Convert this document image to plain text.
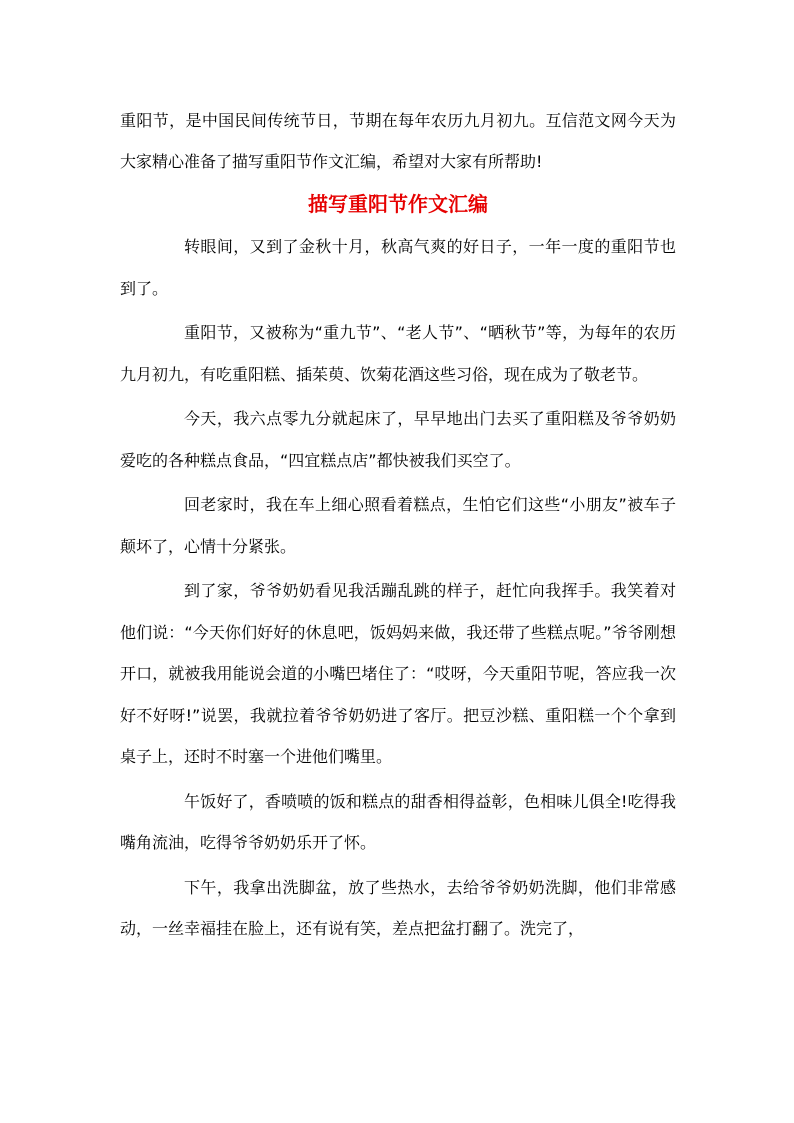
重阳节，是中国民间传统节日，节期在每年农历九月初九。互信范文网今天为大家精心准备了描写重阳节作文汇编，希望对大家有所帮助!

描写重阳节作文汇编

转眼间，又到了金秋十月，秋高气爽的好日子，一年一度的重阳节也到了。

重阳节，又被称为“重九节”、“老人节”、“晒秋节”等，为每年的农历九月初九，有吃重阳糕、插茱萸、饮菊花酒这些习俗，现在成为了敬老节。

今天，我六点零九分就起床了，早早地出门去买了重阳糕及爷爷奶奶爱吃的各种糕点食品，“四宜糕点店”都快被我们买空了。

回老家时，我在车上细心照看着糕点，生怕它们这些“小朋友”被车子颠坏了，心情十分紧张。

到了家，爷爷奶奶看见我活蹦乱跳的样子，赶忙向我挥手。我笑着对他们说：“今天你们好好的休息吧，饭妈妈来做，我还带了些糕点呢。”爷爷刚想开口，就被我用能说会道的小嘴巴堵住了：“哎呀，今天重阳节呢，答应我一次好不好呀!”说罢，我就拉着爷爷奶奶进了客厅。把豆沙糕、重阳糕一个个拿到桌子上，还时不时塞一个进他们嘴里。

午饭好了，香喷喷的饭和糕点的甜香相得益彰，色相味儿俱全!吃得我嘴角流油，吃得爷爷奶奶乐开了怀。

下午，我拿出洗脚盆，放了些热水，去给爷爷奶奶洗脚，他们非常感动，一丝幸福挂在脸上，还有说有笑，差点把盆打翻了。洗完了，
